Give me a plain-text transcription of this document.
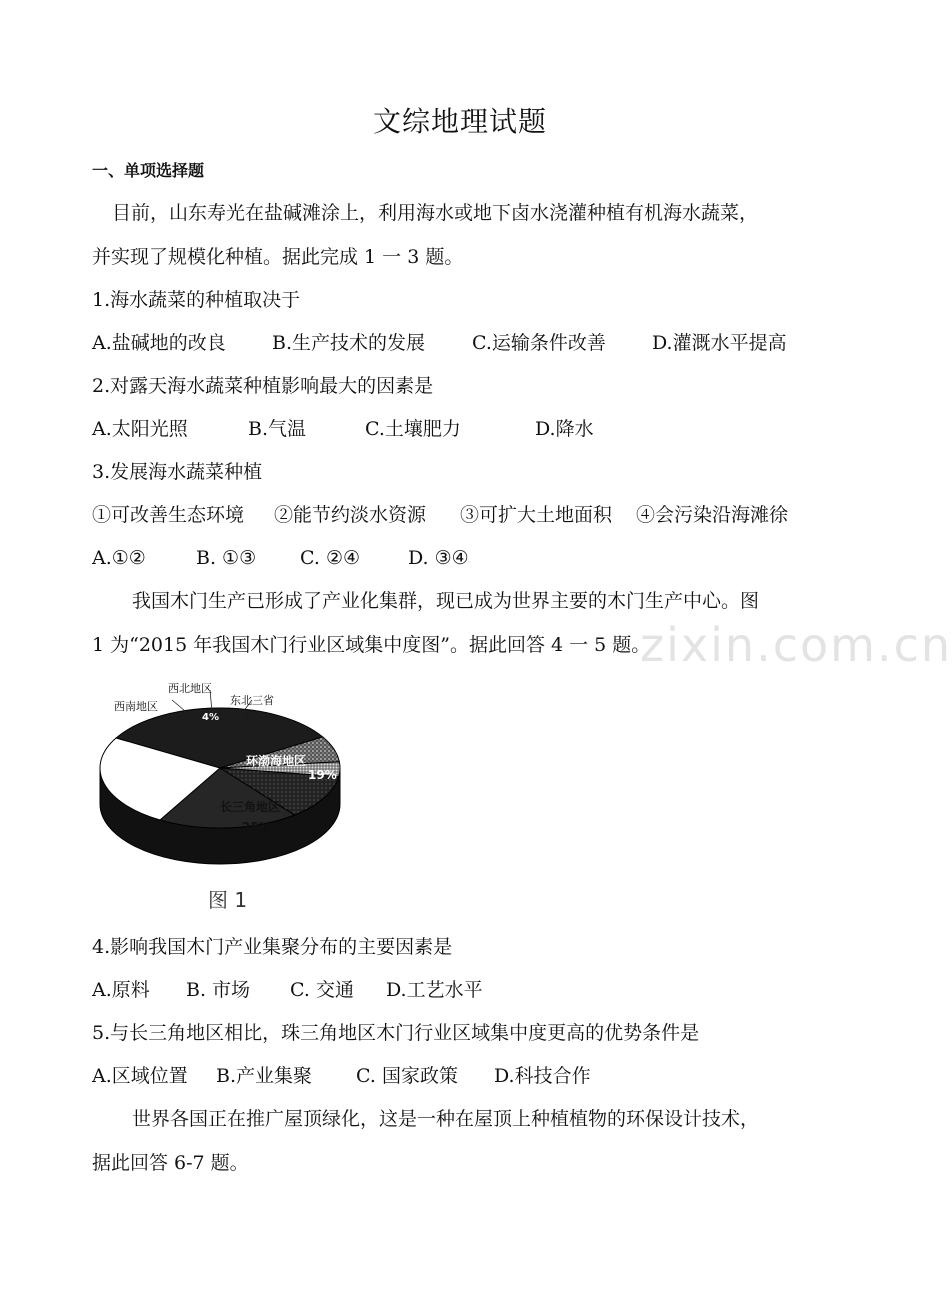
文综地理试题
一、单项选择题
目前，山东寿光在盐碱滩涂上，利用海水或地下卤水浇灌种植有机海水蔬菜，
并实现了规模化种植。据此完成 1 一 3 题。
1.海水蔬菜的种植取决于
A.盐碱地的改良 B.生产技术的发展 C.运输条件改善 D.灌溉水平提高
2.对露天海水蔬菜种植影响最大的因素是
A.太阳光照	B.气温	C.土壤肥力	D.降水
3.发展海水蔬菜种植
①可改善生态环境 ②能节约淡水资源 ③可扩大土地面积 ④会污染沿海滩徐
A.①②	B. ①③ C. ②④	D. ③④
我国木门生产已形成了产业化集群，现已成为世界主要的木门生产中心。图
1 为“2015 年我国木门行业区域集中度图”。据此回答 4 一 5 题。
zixin.com.cn
西北地区
西南地区	东北三省
4%
环渤海地区
19%
珠三角地区
33%	长三角地区
25%
图 1
4.影响我国木门产业集聚分布的主要因素是
A.原料 B. 市场 C. 交通 D.工艺水平
5.与长三角地区相比，珠三角地区木门行业区域集中度更高的优势条件是
A.区域位置 B.产业集聚 C. 国家政策 D.科技合作
世界各国正在推广屋顶绿化，这是一种在屋顶上种植植物的环保设计技术，
据此回答 6-7 题。
